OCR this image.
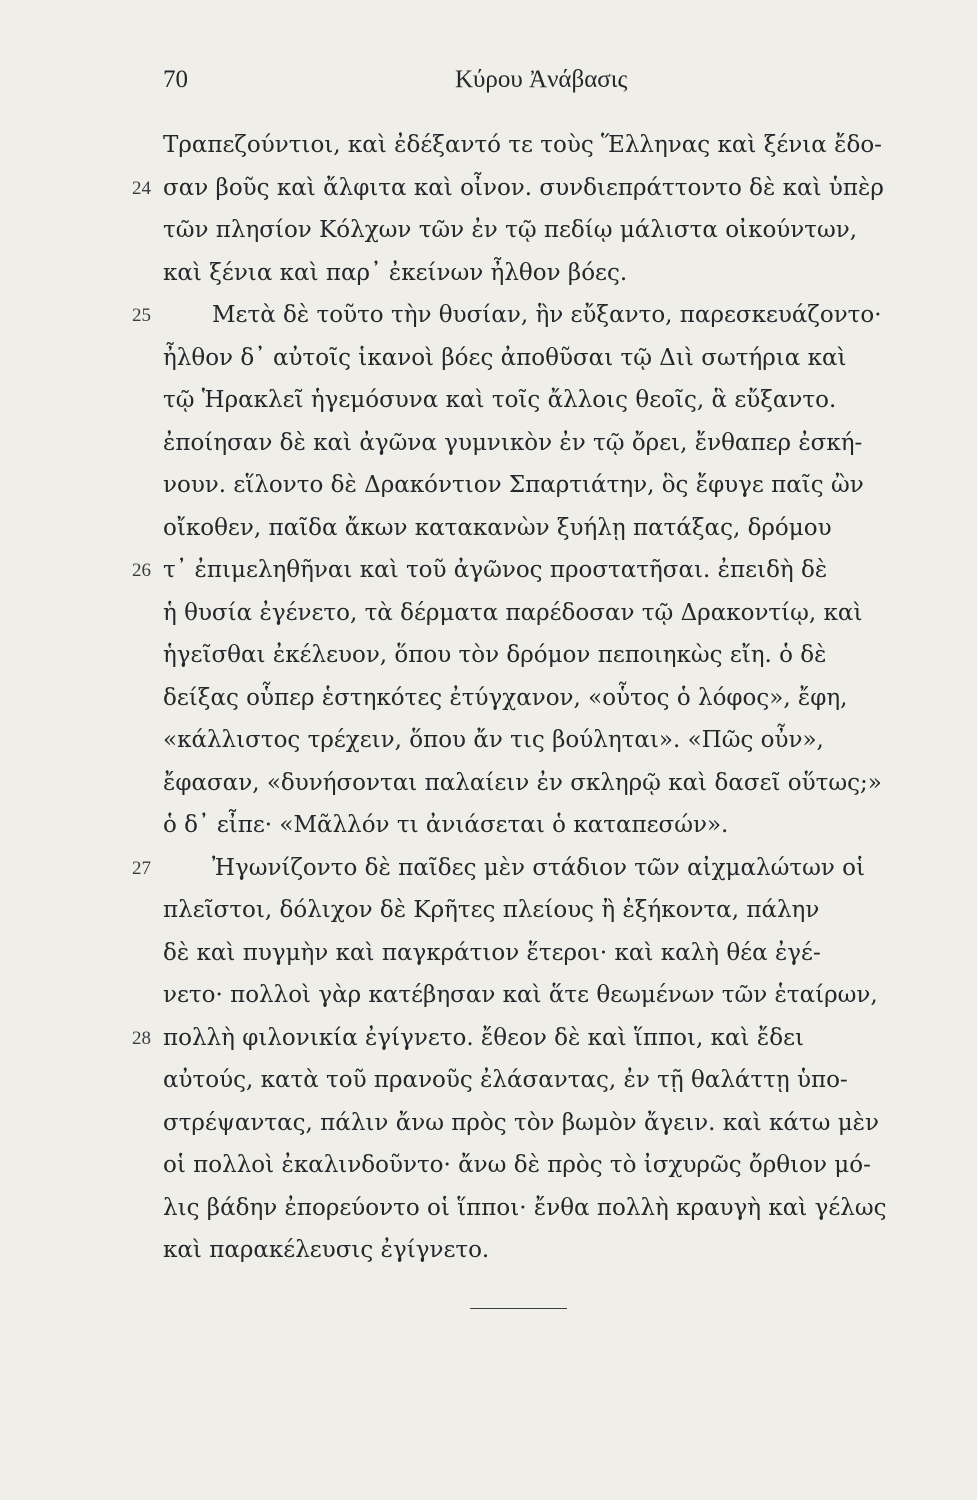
70	Κύρου Ἀνάβασις
Τραπεζούντιοι, καὶ ἐδέξαντό τε τοὺς Ἕλληνας καὶ ξένια ἔδο-
24 σαν βοῦς καὶ ἄλφιτα καὶ οἶνον. συνδιεπράττοντο δὲ καὶ ὑπὲρ
τῶν πλησίον Κόλχων τῶν ἐν τῷ πεδίῳ μάλιστα οἰκούντων,
καὶ ξένια καὶ παρ᾽ ἐκείνων ἦλθον βόες.
25	Μετὰ δὲ τοῦτο τὴν θυσίαν, ἣν εὔξαντο, παρεσκευάζοντο·
ἦλθον δ᾽ αὐτοῖς ἱκανοὶ βόες ἀποθῦσαι τῷ Διὶ σωτήρια καὶ
τῷ Ἡρακλεῖ ἡγεμόσυνα καὶ τοῖς ἄλλοις θεοῖς, ἃ εὔξαντο.
ἐποίησαν δὲ καὶ ἀγῶνα γυμνικὸν ἐν τῷ ὄρει, ἔνθαπερ ἐσκή-
νουν. εἵλοντο δὲ Δρακόντιον Σπαρτιάτην, ὃς ἔφυγε παῖς ὢν
οἴκοθεν, παῖδα ἄκων κατακανὼν ξυήλῃ πατάξας, δρόμου
26 τ᾽ ἐπιμεληθῆναι καὶ τοῦ ἀγῶνος προστατῆσαι. ἐπειδὴ δὲ
ἡ θυσία ἐγένετο, τὰ δέρματα παρέδοσαν τῷ Δρακοντίῳ, καὶ
ἡγεῖσθαι ἐκέλευον, ὅπου τὸν δρόμον πεποιηκὼς εἴη. ὁ δὲ
δείξας οὗπερ ἑστηκότες ἐτύγχανον, «οὗτος ὁ λόφος», ἔφη,
«κάλλιστος τρέχειν, ὅπου ἄν τις βούληται». «Πῶς οὖν»,
ἔφασαν, «δυνήσονται παλαίειν ἐν σκληρῷ καὶ δασεῖ οὕτως;»
ὁ δ᾽ εἶπε· «Μᾶλλόν τι ἀνιάσεται ὁ καταπεσών».
27	Ἠγωνίζοντο δὲ παῖδες μὲν στάδιον τῶν αἰχμαλώτων οἱ
πλεῖστοι, δόλιχον δὲ Κρῆτες πλείους ἢ ἑξήκοντα, πάλην
δὲ καὶ πυγμὴν καὶ παγκράτιον ἕτεροι· καὶ καλὴ θέα ἐγέ-
νετο· πολλοὶ γὰρ κατέβησαν καὶ ἅτε θεωμένων τῶν ἑταίρων,
28 πολλὴ φιλονικία ἐγίγνετο. ἔθεον δὲ καὶ ἵπποι, καὶ ἔδει
αὐτούς, κατὰ τοῦ πρανοῦς ἐλάσαντας, ἐν τῇ θαλάττῃ ὑπο-
στρέψαντας, πάλιν ἄνω πρὸς τὸν βωμὸν ἄγειν. καὶ κάτω μὲν
οἱ πολλοὶ ἐκαλινδοῦντο· ἄνω δὲ πρὸς τὸ ἰσχυρῶς ὄρθιον μό-
λις βάδην ἐπορεύοντο οἱ ἵπποι· ἔνθα πολλὴ κραυγὴ καὶ γέλως
καὶ παρακέλευσις ἐγίγνετο.
